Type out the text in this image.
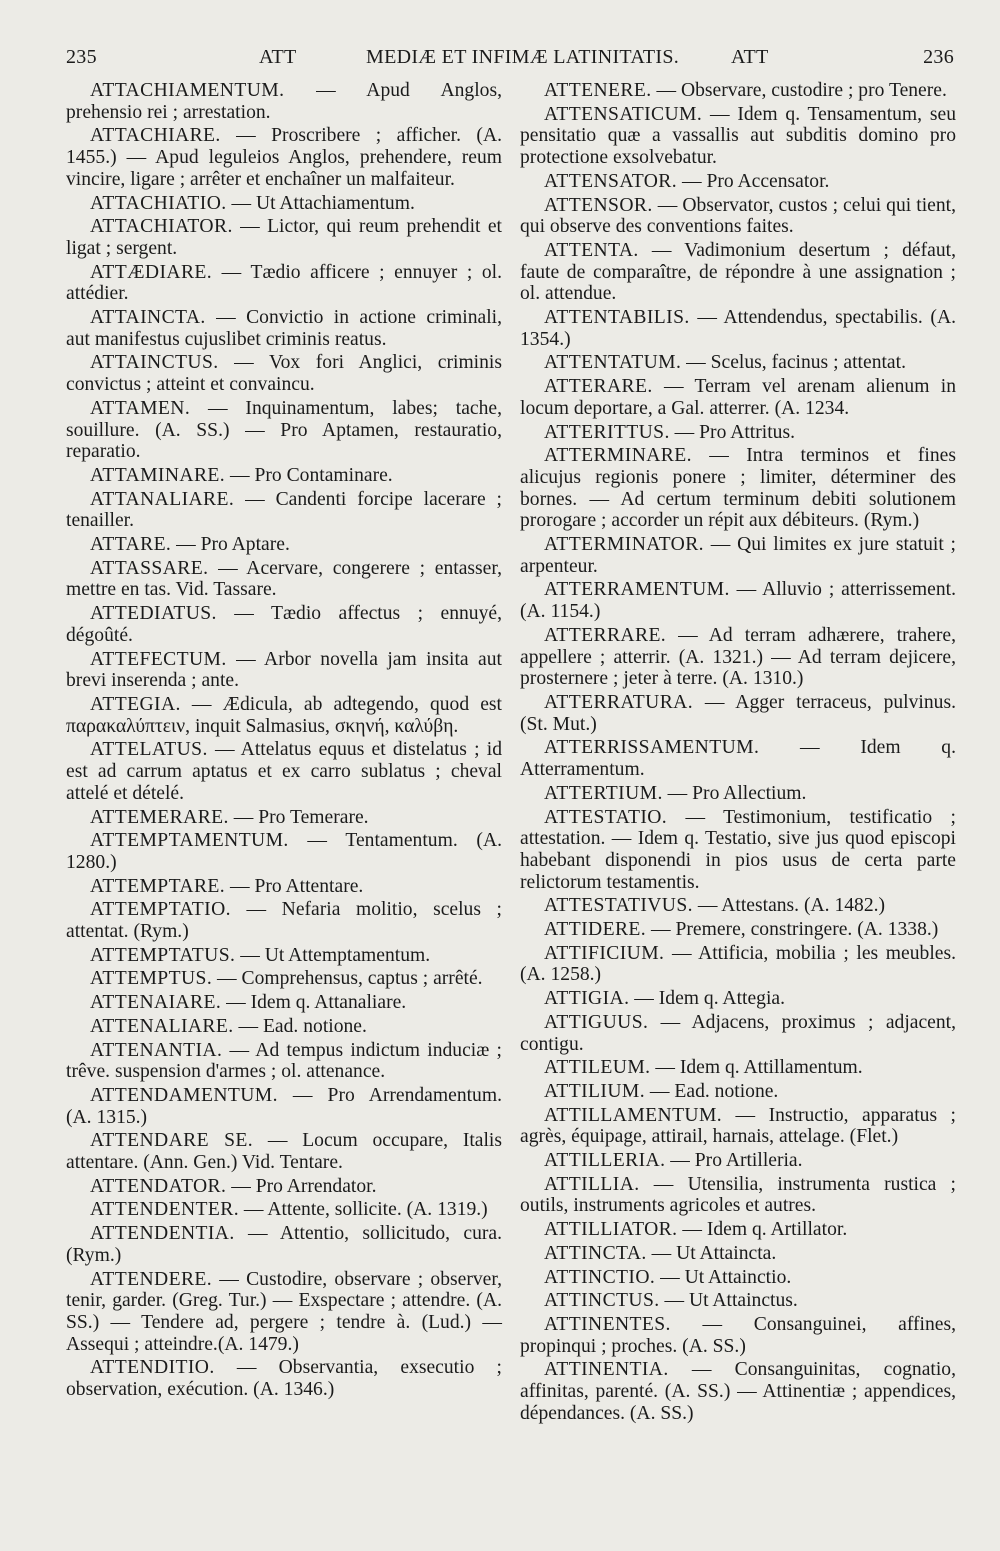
235	ATT	MEDIÆ ET INFIMÆ LATINITATIS.	ATT	236

ATTACHIAMENTUM. — Apud Anglos, prehensio rei ; arrestation.

ATTACHIARE. — Proscribere ; afficher. (A. 1455.) — Apud leguleios Anglos, prehendere, reum vincire, ligare ; arrêter et enchaîner un malfaiteur.

ATTACHIATIO. — Ut Attachiamentum.

ATTACHIATOR. — Lictor, qui reum prehendit et ligat ; sergent.

ATTÆDIARE. — Tædio afficere ; ennuyer ; ol. attédier.

ATTAINCTA. — Convictio in actione criminali, aut manifestus cujuslibet criminis reatus.

ATTAINCTUS. — Vox fori Anglici, criminis convictus ; atteint et convaincu.

ATTAMEN. — Inquinamentum, labes; tache, souillure. (A. SS.) — Pro Aptamen, restauratio, reparatio.

ATTAMINARE. — Pro Contaminare.

ATTANALIARE. — Candenti forcipe lacerare ; tenailler.

ATTARE. — Pro Aptare.

ATTASSARE. — Acervare, congerere ; entasser, mettre en tas. Vid. Tassare.

ATTEDIATUS. — Tædio affectus ; ennuyé, dégoûté.

ATTEFECTUM. — Arbor novella jam insita aut brevi inserenda ; ante.

ATTEGIA. — Ædicula, ab adtegendo, quod est παρακαλύπτειν, inquit Salmasius, σκηνή, καλύβη.

ATTELATUS. — Attelatus equus et distelatus ; id est ad carrum aptatus et ex carro sublatus ; cheval attelé et dételé.

ATTEMERARE. — Pro Temerare.

ATTEMPTAMENTUM. — Tentamentum. (A. 1280.)

ATTEMPTARE. — Pro Attentare.

ATTEMPTATIO. — Nefaria molitio, scelus ; attentat. (Rym.)

ATTEMPTATUS. — Ut Attemptamentum.

ATTEMPTUS. — Comprehensus, captus ; arrêté.

ATTENAIARE. — Idem q. Attanaliare.

ATTENALIARE. — Ead. notione.

ATTENANTIA. — Ad tempus indictum induciæ ; trêve. suspension d'armes ; ol. attenance.

ATTENDAMENTUM. — Pro Arrendamentum. (A. 1315.)

ATTENDARE SE. — Locum occupare, Italis attentare. (Ann. Gen.) Vid. Tentare.

ATTENDATOR. — Pro Arrendator.

ATTENDENTER. — Attente, sollicite. (A. 1319.)

ATTENDENTIA. — Attentio, sollicitudo, cura. (Rym.)

ATTENDERE. — Custodire, observare ; observer, tenir, garder. (Greg. Tur.) — Exspectare ; attendre. (A. SS.) — Tendere ad, pergere ; tendre à. (Lud.) — Assequi ; atteindre.(A. 1479.)

ATTENDITIO. — Observantia, exsecutio ; observation, exécution. (A. 1346.)

ATTENERE. — Observare, custodire ; pro Tenere.

ATTENSATICUM. — Idem q. Tensamentum, seu pensitatio quæ a vassallis aut subditis domino pro protectione exsolvebatur.

ATTENSATOR. — Pro Accensator.

ATTENSOR. — Observator, custos ; celui qui tient, qui observe des conventions faites.

ATTENTA. — Vadimonium desertum ; défaut, faute de comparaître, de répondre à une assignation ; ol. attendue.

ATTENTABILIS. — Attendendus, spectabilis. (A. 1354.)

ATTENTATUM. — Scelus, facinus ; attentat.

ATTERARE. — Terram vel arenam alienum in locum deportare, a Gal. atterrer. (A. 1234.

ATTERITTUS. — Pro Attritus.

ATTERMINARE. — Intra terminos et fines alicujus regionis ponere ; limiter, déterminer des bornes. — Ad certum terminum debiti solutionem prorogare ; accorder un répit aux débiteurs. (Rym.)

ATTERMINATOR. — Qui limites ex jure statuit ; arpenteur.

ATTERRAMENTUM. — Alluvio ; atterrissement. (A. 1154.)

ATTERRARE. — Ad terram adhærere, trahere, appellere ; atterrir. (A. 1321.) — Ad terram dejicere, prosternere ; jeter à terre. (A. 1310.)

ATTERRATURA. — Agger terraceus, pulvinus. (St. Mut.)

ATTERRISSAMENTUM. — Idem q. Atterramentum.

ATTERTIUM. — Pro Allectium.

ATTESTATIO. — Testimonium, testificatio ; attestation. — Idem q. Testatio, sive jus quod episcopi habebant disponendi in pios usus de certa parte relictorum testamentis.

ATTESTATIVUS. — Attestans. (A. 1482.)

ATTIDERE. — Premere, constringere. (A. 1338.)

ATTIFICIUM. — Attificia, mobilia ; les meubles. (A. 1258.)

ATTIGIA. — Idem q. Attegia.

ATTIGUUS. — Adjacens, proximus ; adjacent, contigu.

ATTILEUM. — Idem q. Attillamentum.

ATTILIUM. — Ead. notione.

ATTILLAMENTUM. — Instructio, apparatus ; agrès, équipage, attirail, harnais, attelage. (Flet.)

ATTILLERIA. — Pro Artilleria.

ATTILLIA. — Utensilia, instrumenta rustica ; outils, instruments agricoles et autres.

ATTILLIATOR. — Idem q. Artillator.

ATTINCTA. — Ut Attaincta.

ATTINCTIO. — Ut Attainctio.

ATTINCTUS. — Ut Attainctus.

ATTINENTES. — Consanguinei, affines, propinqui ; proches. (A. SS.)

ATTINENTIA. — Consanguinitas, cognatio, affinitas, parenté. (A. SS.) — Attinentiæ ; appendices, dépendances. (A. SS.)
